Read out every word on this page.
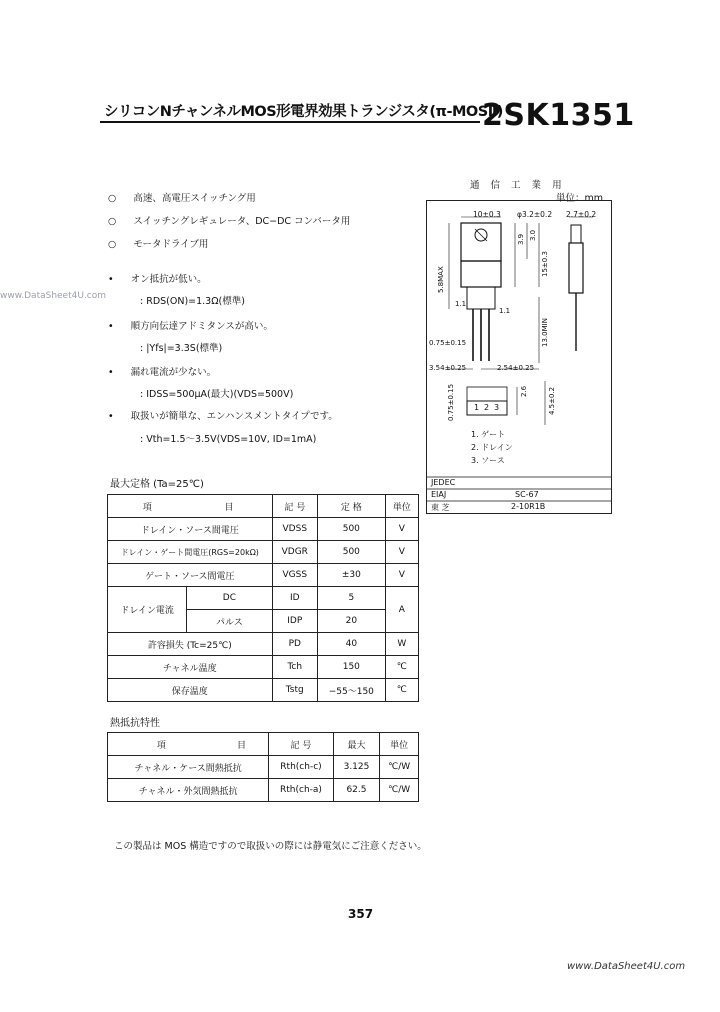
シリコンNチャンネルMOS形電界効果トランジスタ(π-MOSⅡ)
2SK1351
○ 高速、高電圧スイッチング用
○ スイッチングレギュレータ、DC−DC コンバータ用
○ モータドライブ用
• オン抵抗が低い。
: RDS(ON)=1.3Ω(標準)
• 順方向伝達アドミタンスが高い。
: |Yfs|=3.3S(標準)
• 漏れ電流が少ない。
: IDSS=500μA(最大)(VDS=500V)
• 取扱いが簡単な、エンハンスメントタイプです。
: Vth=1.5〜3.5V(VDS=10V, ID=1mA)
www.DataSheet4U.com
www.DataSheet4U.com
通 信 工 業 用
単位：mm
10±0.3 φ3.2±0.2 2.7±0.2
3.9 3.0
15±0.3
5.8MAX
1.1
1.1
13.0MIN
0.75±0.15
3.54±0.25	2.54±0.25
0.75±0.15	2.6	4.5±0.2
1 2 3
1. ゲート
2. ドレイン
3. ソース
JEDEC
EIAJ	SC-67
東 芝	2-10R1B
最大定格 (Ta=25℃)
項	目	記 号	定 格	単位
ドレイン・ソース間電圧		VDSS	500	V
ドレイン・ゲート間電圧(RGS=20kΩ)		VDGR	500	V
ゲート・ソース間電圧		VGSS	±30	V
ドレイン電流	DC	ID	5	A
	パルス	IDP	20	
許容損失 (Tc=25℃)		PD	40	W
チャネル温度		Tch	150	℃
保存温度		Tstg	−55〜150	℃
熱抵抗特性
項	目	記 号	最大	単位
チャネル・ケース間熱抵抗		Rth(ch-c)	3.125	℃/W
チャネル・外気間熱抵抗		Rth(ch-a)	62.5	℃/W
この製品は MOS 構造ですので取扱いの際には静電気にご注意ください。
357
